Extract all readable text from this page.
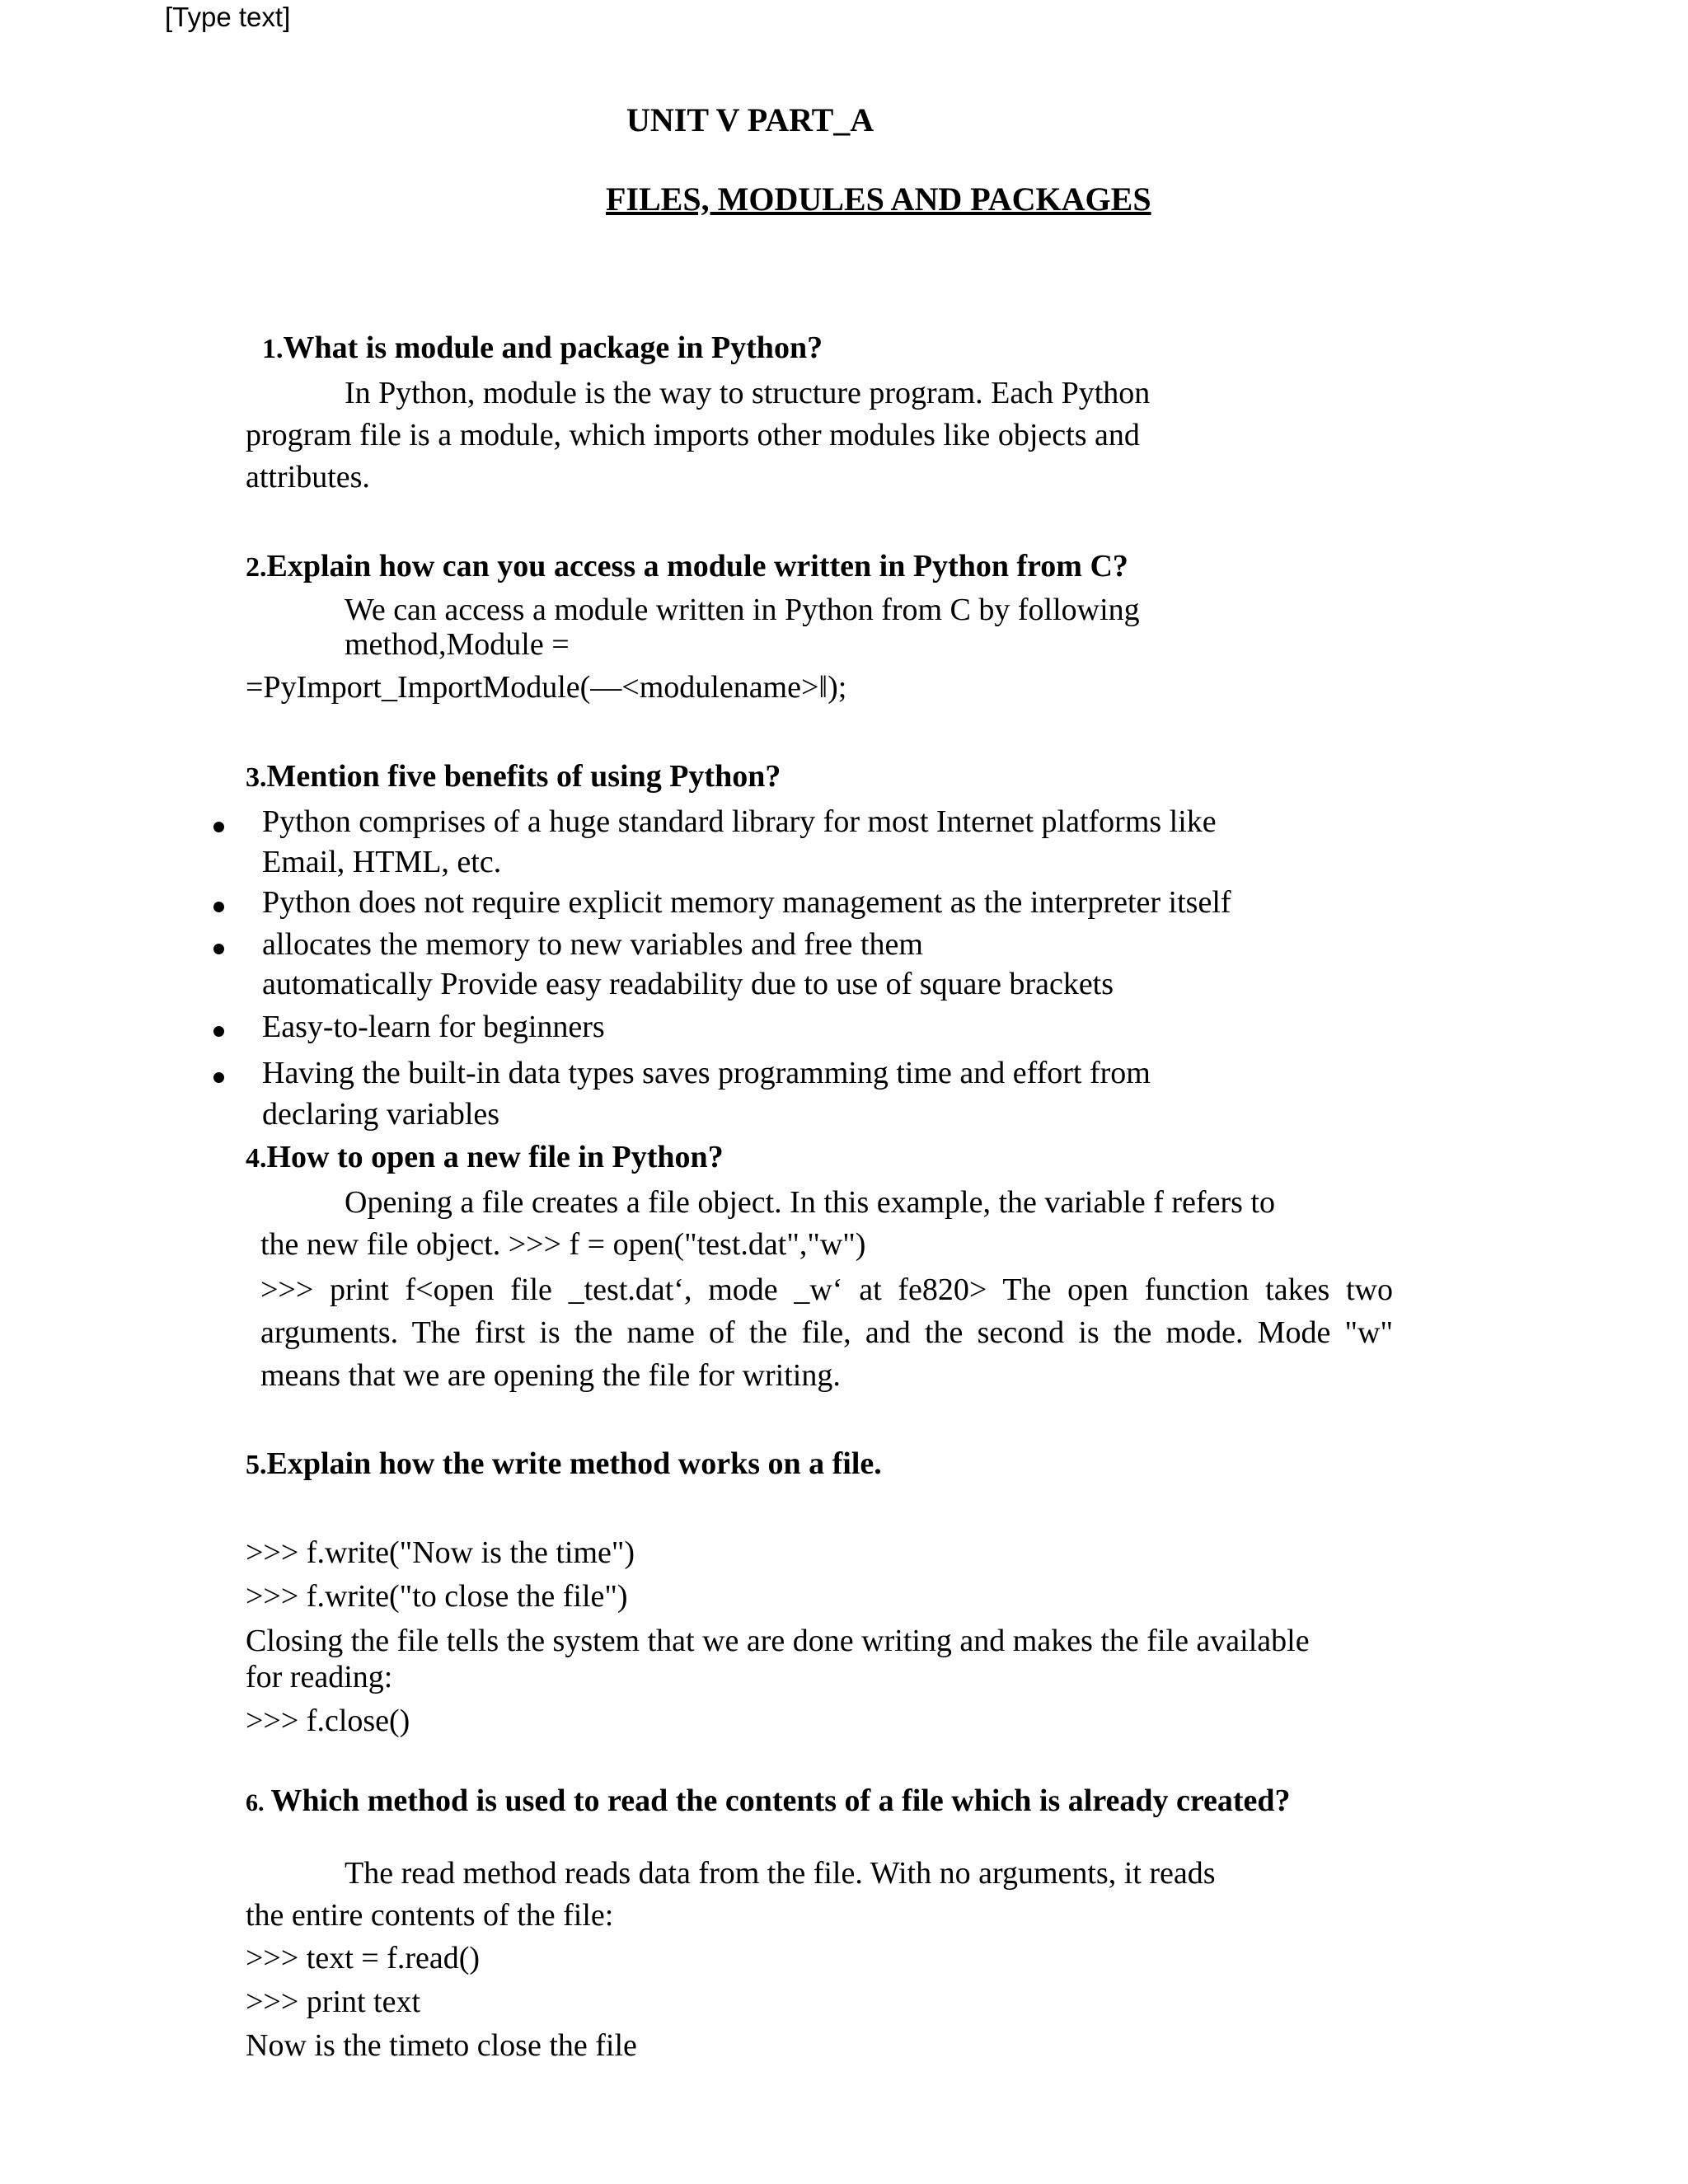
[Type text]
UNIT V PART_A
FILES, MODULES AND PACKAGES
1.What is module and package in Python?
In Python, module is the way to structure program. Each Python
program file is a module, which imports other modules like objects and
attributes.
2.Explain how can you access a module written in Python from C?
We can access a module written in Python from C by following
method,Module =
=PyImport_ImportModule(―<modulename>‖);
3.Mention five benefits of using Python?
Python comprises of a huge standard library for most Internet platforms like
Email, HTML, etc.
Python does not require explicit memory management as the interpreter itself
allocates the memory to new variables and free them
automatically Provide easy readability due to use of square brackets
Easy-to-learn for beginners
Having the built-in data types saves programming time and effort from
declaring variables
4.How to open a new file in Python?
Opening a file creates a file object. In this example, the variable f refers to
the new file object. >>> f = open("test.dat","w")
>>> print f<open file _test.dat‘, mode _w‘ at fe820> The open function takes two
arguments. The first is the name of the file, and the second is the mode. Mode "w"
means that we are opening the file for writing.
5.Explain how the write method works on a file.
>>> f.write("Now is the time")
>>> f.write("to close the file")
Closing the file tells the system that we are done writing and makes the file available
for reading:
>>> f.close()
6. Which method is used to read the contents of a file which is already created?
The read method reads data from the file. With no arguments, it reads
the entire contents of the file:
>>> text = f.read()
>>> print text
Now is the timeto close the file
